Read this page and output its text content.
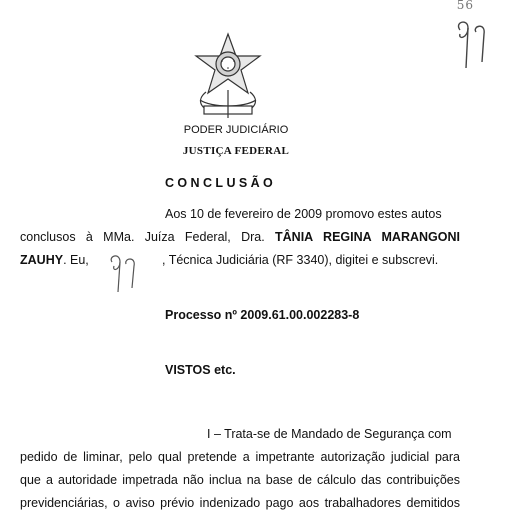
56
PODER JUDICIÁRIO
JUSTIÇA FEDERAL
CONCLUSÃO
Aos 10 de fevereiro de 2009 promovo estes autos
conclusos à MMa. Juíza Federal, Dra. TÂNIA REGINA MARANGONI
ZAUHY. Eu,	, Técnica Judiciária (RF 3340), digitei e subscrevi.
Processo nº 2009.61.00.002283-8
VISTOS etc.
I – Trata-se de Mandado de Segurança com
pedido de liminar, pelo qual pretende a impetrante autorização judicial para
que a autoridade impetrada não inclua na base de cálculo das contribuições
previdenciárias, o aviso prévio indenizado pago aos trabalhadores demitidos
